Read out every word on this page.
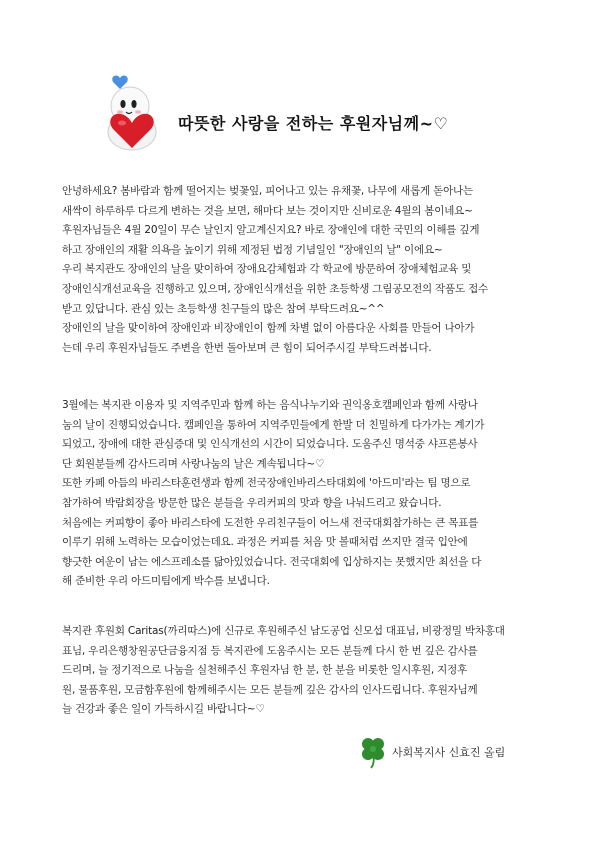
따뜻한 사랑을 전하는 후원자님께~♡
안녕하세요? 봄바람과 함께 떨어지는 벚꽃잎, 피어나고 있는 유채꽃, 나무에 새롭게 돋아나는
새싹이 하루하루 다르게 변하는 것을 보면, 해마다 보는 것이지만 신비로운 4월의 봄이네요~
후원자님들은 4월 20일이 무슨 날인지 알고계신지요? 바로 장애인에 대한 국민의 이해를 깊게
하고 장애인의 재활 의욕을 높이기 위해 제정된 법정 기념일인 "장애인의 날" 이에요~
우리 복지관도 장애인의 날을 맞이하여 장애요감체험과 각 학교에 방문하여 장애체험교육 및
장애인식개선교육을 진행하고 있으며, 장애인식개선을 위한 초등학생 그림공모전의 작품도 접수
받고 있답니다. 관심 있는 초등학생 친구들의 많은 참여 부탁드려요~^^
장애인의 날을 맞이하여 장애인과 비장애인이 함께 차별 없이 아름다운 사회를 만들어 나아가
는데 우리 후원자님들도 주변을 한번 돌아보며 큰 힘이 되어주시길 부탁드려봅니다.
3월에는 복지관 이용자 및 지역주민과 함께 하는 음식나누기와 권익옹호캠페인과 함께 사랑나
눔의 날이 진행되었습니다. 캠페인을 통하여 지역주민들에게 한발 더 친밀하게 다가가는 계기가
되었고, 장애에 대한 관심증대 및 인식개선의 시간이 되었습니다. 도움주신 명석중 샤프론봉사
단 회원분들께 감사드리며 사랑나눔의 날은 계속됩니다~♡
또한 카페 아듬의 바리스타훈련생과 함께 전국장애인바리스타대회에 '아드미'라는 팀 명으로
참가하여 박람회장을 방문한 많은 분들을 우리커피의 맛과 향을 나눠드리고 왔습니다.
처음에는 커피향이 좋아 바리스타에 도전한 우리친구들이 어느새 전국대회참가하는 큰 목표를
이루기 위해 노력하는 모습이었는데요. 과정은 커피를 처음 맛 볼때처럼 쓰지만 결국 입안에
향긋한 여운이 남는 에스프레소를 닮아있었습니다. 전국대회에 입상하지는 못했지만 최선을 다
해 준비한 우리 아드미팀에게 박수를 보냅니다.
복지관 후원회 Caritas(까리따스)에 신규로 후원해주신 남도공업 신모섭 대표님, 비광정밀 박차홍대
표님, 우리은행창원공단금융지점 등 복지관에 도움주시는 모든 분들께 다시 한 번 깊은 감사를
드리며, 늘 정기적으로 나눔을 실천해주신 후원자님 한 분, 한 분을 비롯한 일시후원, 지정후
원, 물품후원, 모금함후원에 함께해주시는 모든 분들께 깊은 감사의 인사드립니다. 후원자님께
늘 건강과 좋은 일이 가득하시길 바랍니다~♡
사회복지사 신효진 올림
